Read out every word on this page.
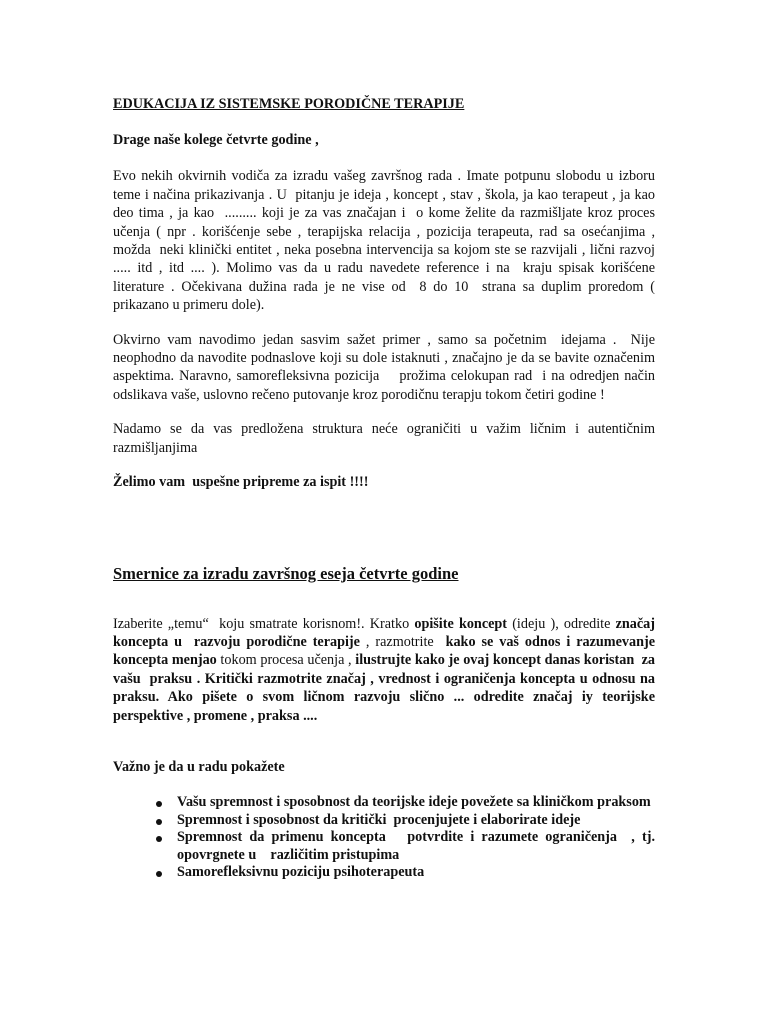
EDUKACIJA IZ SISTEMSKE PORODIČNE TERAPIJE

Drage naše kolege četvrte godine ,

Evo nekih okvirnih vodiča za izradu vašeg završnog rada . Imate potpunu slobodu u izboru teme i načina prikazivanja . U  pitanju je ideja , koncept , stav , škola, ja kao terapeut , ja kao deo tima , ja kao  ......... koji je za vas značajan i  o kome želite da razmišljate kroz proces učenja ( npr . korišćenje sebe , terapijska relacija , pozicija terapeuta, rad sa osećanjima ,  možda  neki klinički entitet , neka posebna intervencija sa kojom ste se razvijali , lični razvoj ..... itd , itd .... ). Molimo vas da u radu navedete reference i na  kraju spisak korišćene literature . Očekivana dužina rada je ne vise od  8 do 10  strana sa duplim proredom ( prikazano u primeru dole).

Okvirno vam navodimo jedan sasvim sažet primer , samo sa početnim  idejama .  Nije neophodno da navodite podnaslove koji su dole istaknuti , značajno je da se bavite označenim aspektima. Naravno, samorefleksivna pozicija    prožima celokupan rad  i na odredjen način odslikava vaše, uslovno rečeno putovanje kroz porodičnu terapju tokom četiri godine !

Nadamo se da vas predložena struktura neće ograničiti u važim ličnim i autentičnim razmišljanjima

Želimo vam  uspešne pripreme za ispit !!!!

Smernice za izradu završnog eseja četvrte godine

Izaberite „temu“  koju smatrate korisnom!. Kratko opišite koncept (ideju ), odredite značaj  koncepta u  razvoju porodične terapije , razmotrite  kako se vaš odnos i razumevanje koncepta menjao tokom procesa učenja , ilustrujte kako je ovaj koncept danas koristan  za vašu  praksu . Kritički razmotrite značaj , vrednost i ograničenja koncepta u odnosu na praksu. Ako pišete o svom ličnom razvoju slično ... odredite značaj iy teorijske perspektive , promene , praksa ....

Važno je da u radu pokažete

Vašu spremnost i sposobnost da teorijske ideje povežete sa kliničkom praksom
Spremnost i sposobnost da kritički  procenjujete i elaborirate ideje
Spremnost da primenu koncepta   potvrdite i razumete ograničenja  , tj. opovrgnete u    različitim pristupima
Samorefleksivnu poziciju psihoterapeuta
